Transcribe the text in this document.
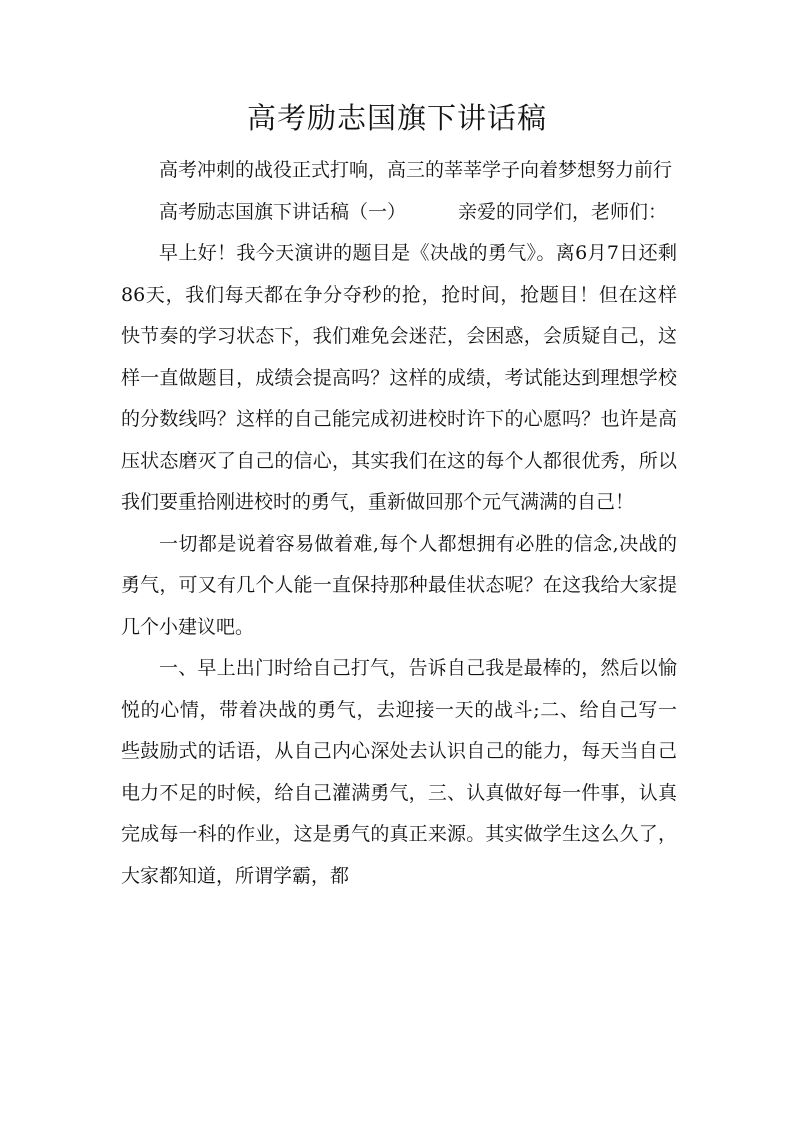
高考励志国旗下讲话稿

高考冲刺的战役正式打响，高三的莘莘学子向着梦想努力前行

高考励志国旗下讲话稿（一）	亲爱的同学们，老师们：

早上好！我今天演讲的题目是《决战的勇气》。离6月7日还剩86天，我们每天都在争分夺秒的抢，抢时间，抢题目！但在这样快节奏的学习状态下，我们难免会迷茫，会困惑，会质疑自己，这样一直做题目，成绩会提高吗？这样的成绩，考试能达到理想学校的分数线吗？这样的自己能完成初进校时许下的心愿吗？也许是高压状态磨灭了自己的信心，其实我们在这的每个人都很优秀，所以我们要重拾刚进校时的勇气，重新做回那个元气满满的自己！

一切都是说着容易做着难,每个人都想拥有必胜的信念,决战的勇气，可又有几个人能一直保持那种最佳状态呢？在这我给大家提几个小建议吧。

一、早上出门时给自己打气，告诉自己我是最棒的，然后以愉悦的心情，带着决战的勇气，去迎接一天的战斗;二、给自己写一些鼓励式的话语，从自己内心深处去认识自己的能力，每天当自己电力不足的时候，给自己灌满勇气，三、认真做好每一件事，认真完成每一科的作业，这是勇气的真正来源。其实做学生这么久了，大家都知道，所谓学霸，都
